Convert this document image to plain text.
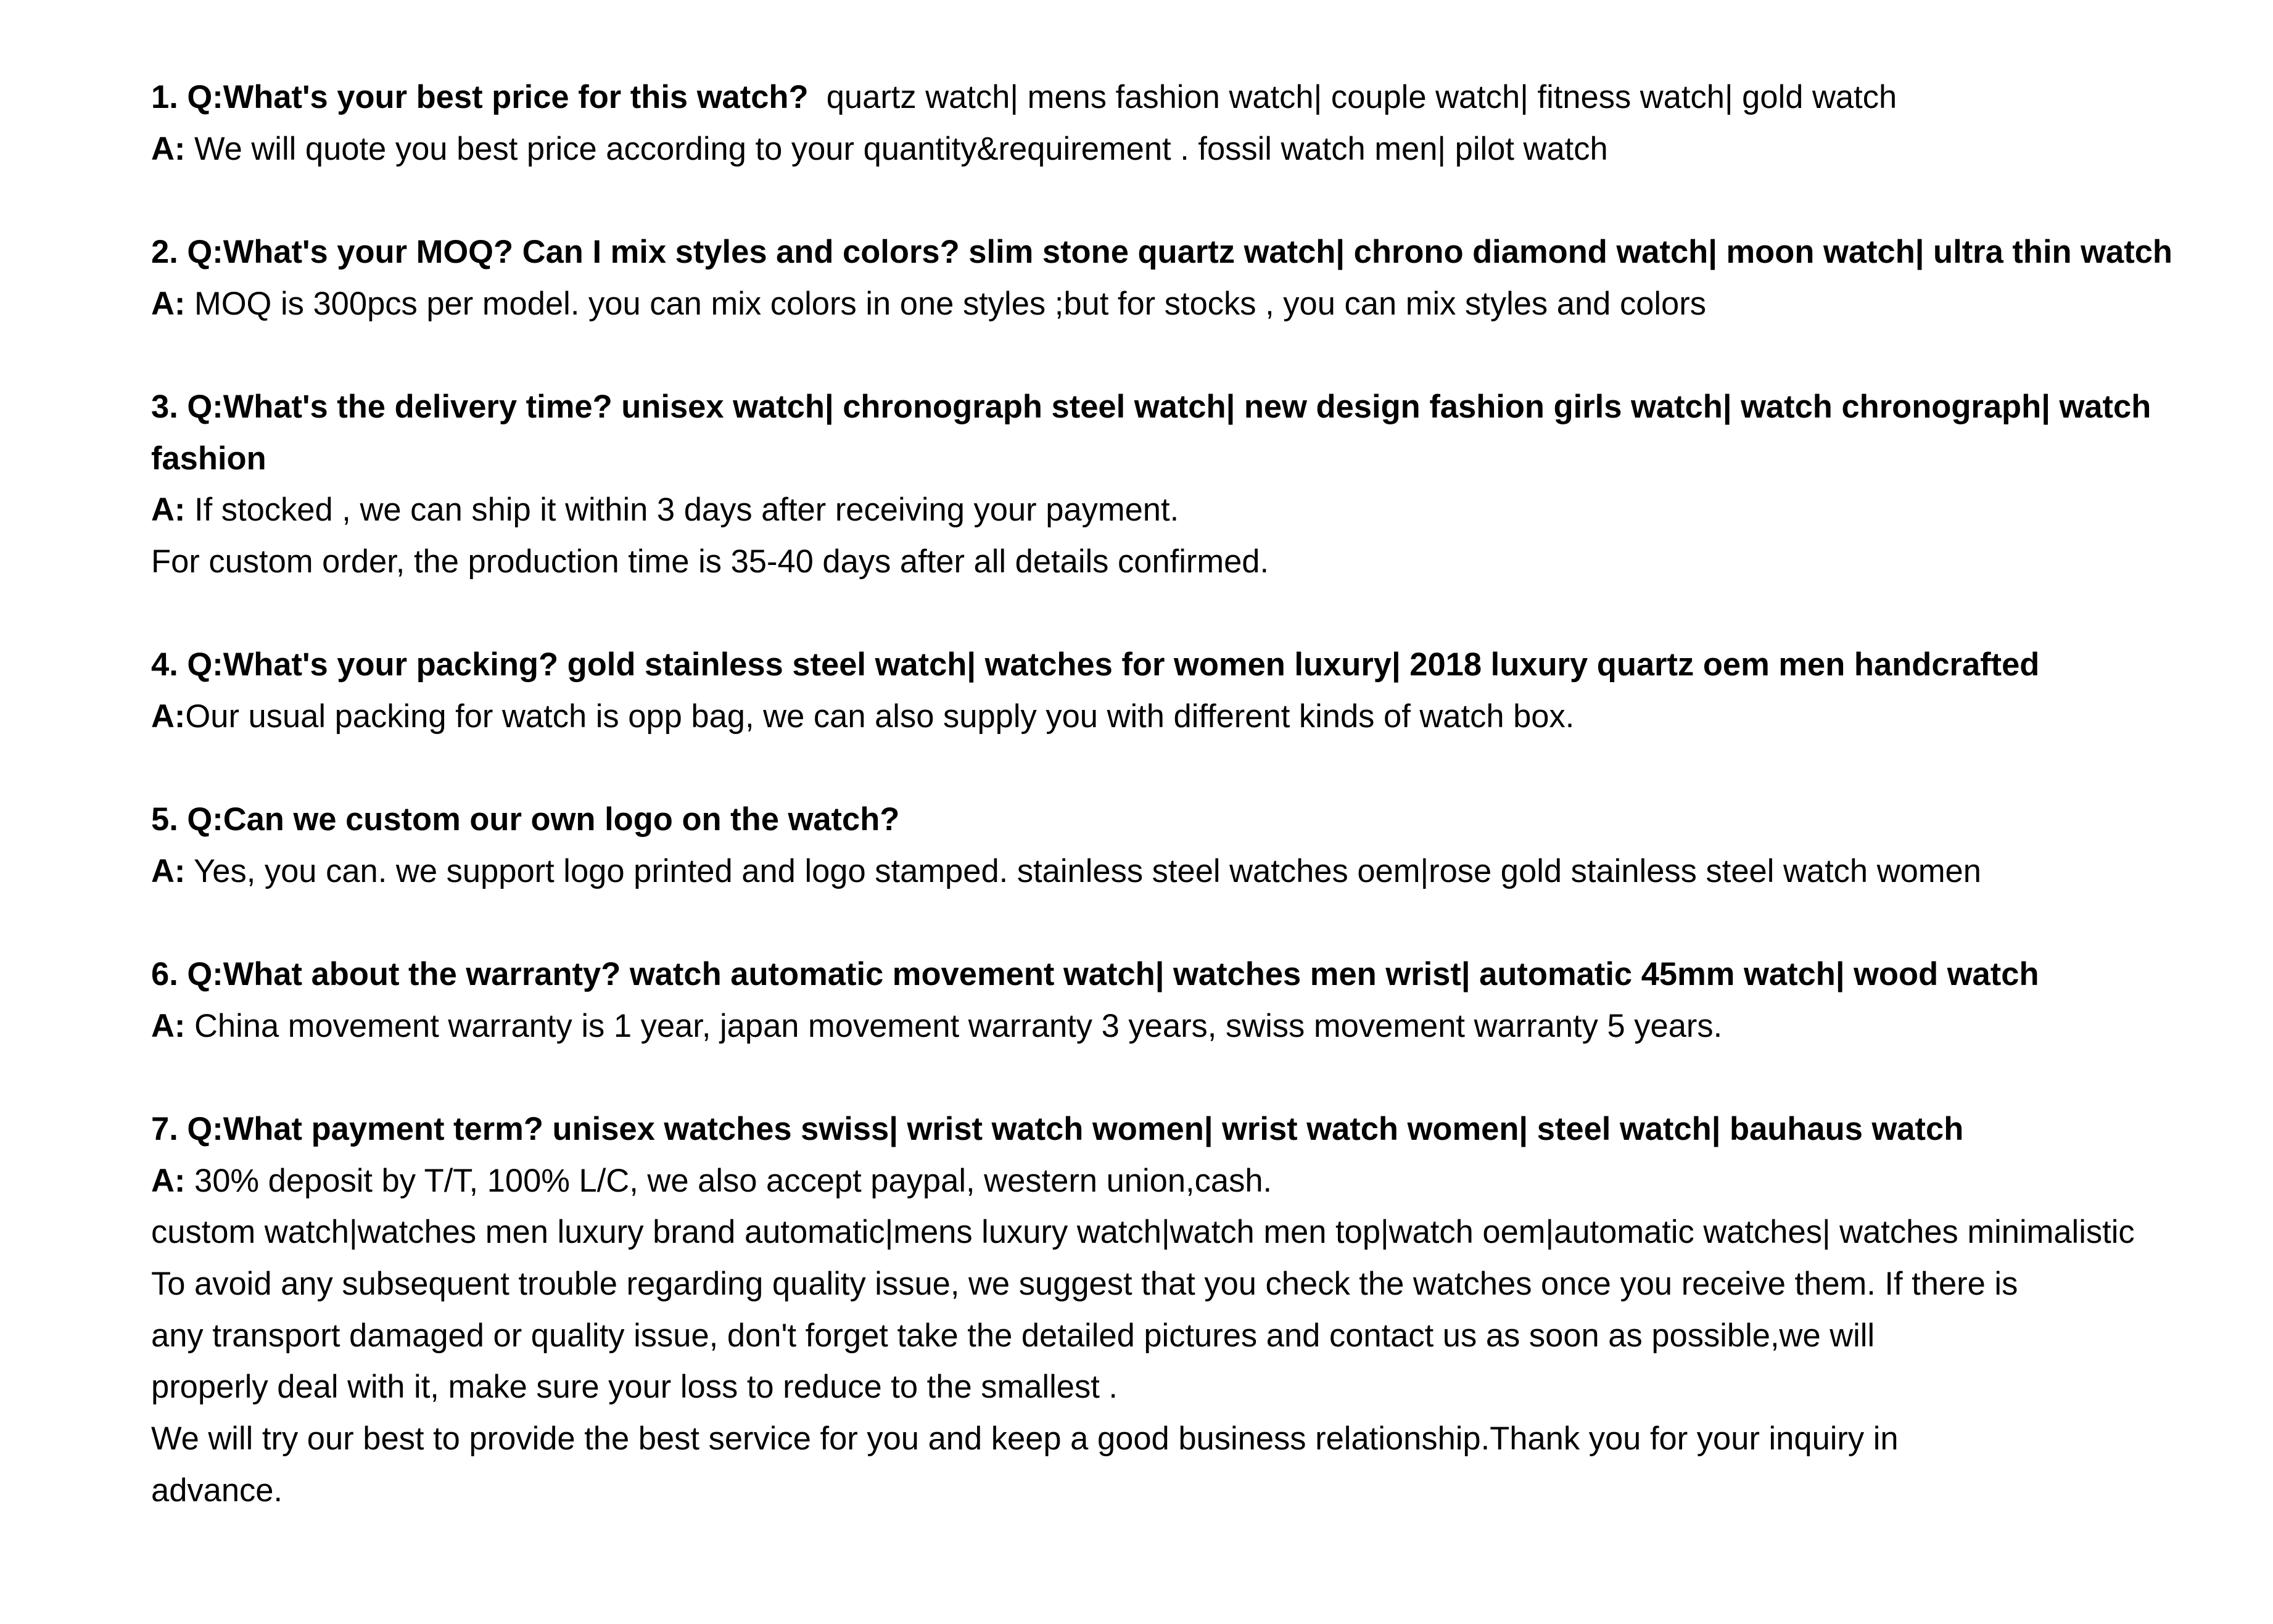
1. Q:What's your best price for this watch?  quartz watch| mens fashion watch| couple watch| fitness watch| gold watch
A: We will quote you best price according to your quantity&requirement . fossil watch men| pilot watch
2. Q:What's your MOQ? Can I mix styles and colors? slim stone quartz watch| chrono diamond watch| moon watch| ultra thin watch
A: MOQ is 300pcs per model. you can mix colors in one styles ;but for stocks , you can mix styles and colors
3. Q:What's the delivery time? unisex watch| chronograph steel watch| new design fashion girls watch| watch chronograph| watch fashion
A: If stocked , we can ship it within 3 days after receiving your payment.
For custom order, the production time is 35-40 days after all details confirmed.
4. Q:What's your packing? gold stainless steel watch| watches for women luxury| 2018 luxury quartz oem men handcrafted
A:Our usual packing for watch is opp bag, we can also supply you with different kinds of watch box.
5. Q:Can we custom our own logo on the watch?
A: Yes, you can. we support logo printed and logo stamped. stainless steel watches oem|rose gold stainless steel watch women
6. Q:What about the warranty? watch automatic movement watch| watches men wrist| automatic 45mm watch| wood watch
A: China movement warranty is 1 year, japan movement warranty 3 years, swiss movement warranty 5 years.
7. Q:What payment term? unisex watches swiss| wrist watch women| wrist watch women| steel watch| bauhaus watch
A: 30% deposit by T/T, 100% L/C, we also accept paypal, western union,cash.
custom watch|watches men luxury brand automatic|mens luxury watch|watch men top|watch oem|automatic watches| watches minimalistic
To avoid any subsequent trouble regarding quality issue, we suggest that you check the watches once you receive them. If there is
any transport damaged or quality issue, don't forget take the detailed pictures and contact us as soon as possible,we will
properly deal with it, make sure your loss to reduce to the smallest .
We will try our best to provide the best service for you and keep a good business relationship.Thank you for your inquiry in
advance.
